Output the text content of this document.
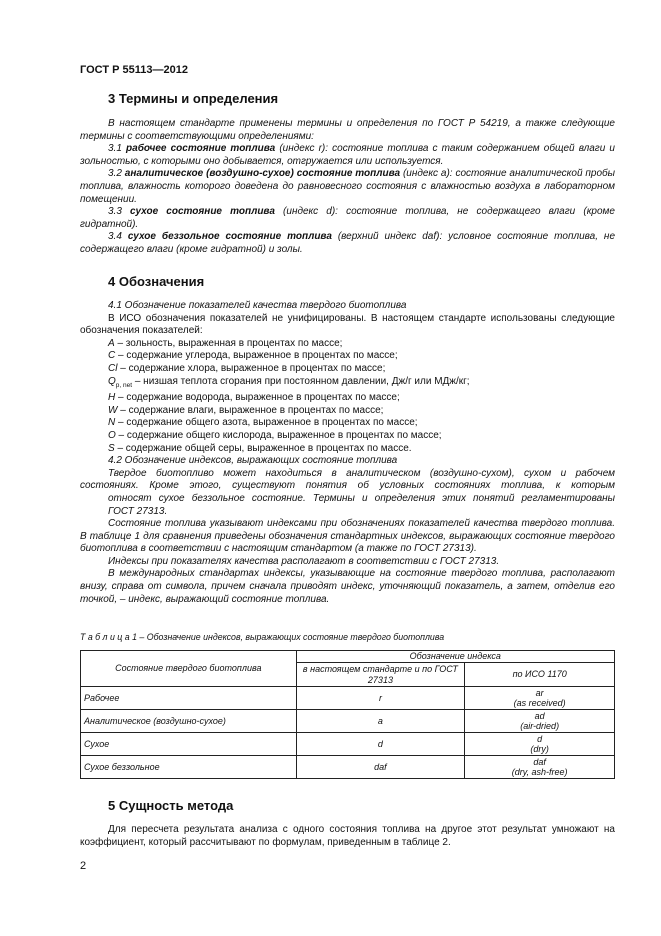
ГОСТ Р 55113—2012
3 Термины и определения

В настоящем стандарте применены термины и определения по ГОСТ Р 54219, а также следующие термины с соответствующими определениями:

3.1 рабочее состояние топлива (индекс r): состояние топлива с таким содержанием общей влаги и зольностью, с которыми оно добывается, отгружается или используется.

3.2 аналитическое (воздушно-сухое) состояние топлива (индекс a): состояние аналитической пробы топлива, влажность которого доведена до равновесного состояния с влажностью воздуха в лабораторном помещении.

3.3 сухое состояние топлива (индекс d): состояние топлива, не содержащего влаги (кроме гидратной).

3.4 сухое беззольное состояние топлива (верхний индекс daf): условное состояние топлива, не содержащего влаги (кроме гидратной) и золы.

4 Обозначения

4.1 Обозначение показателей качества твердого биотоплива

В ИСО обозначения показателей не унифицированы. В настоящем стандарте использованы следующие обозначения показателей:

A – зольность, выраженная в процентах по массе;
C – содержание углерода, выраженное в процентах по массе;
Cl – содержание хлора, выраженное в процентах по массе;
$Q_{p, net}$ – низшая теплота сгорания при постоянном давлении, Дж/г или МДж/кг;
H – содержание водорода, выраженное в процентах по массе;
W – содержание влаги, выраженное в процентах по массе;
N – содержание общего азота, выраженное в процентах по массе;
O – содержание общего кислорода, выраженное в процентах по массе;
S – содержание общей серы, выраженное в процентах по массе.

4.2 Обозначение индексов, выражающих состояние топлива

Твердое биотопливо может находиться в аналитическом (воздушно-сухом), сухом и рабочем
состояниях. Кроме этого, существуют понятия об условных состояниях топлива, к которым
относят сухое беззольное состояние. Термины и определения этих понятий регламентированы
ГОСТ 27313.

Состояние топлива указывают индексами при обозначениях показателей качества твердого топлива. В таблице 1 для сравнения приведены обозначения стандартных индексов, выражающих состояние твердого биотоплива в соответствии с настоящим стандартом (а также по ГОСТ 27313).

Индексы при показателях качества располагают в соответствии с ГОСТ 27313.

В международных стандартах индексы, указывающие на состояние твердого топлива, располагают внизу, справа от символа, причем сначала приводят индекс, уточняющий показатель, а затем, отделив его точкой, – индекс, выражающий состояние топлива.

Т а б л и ц а 1 – Обозначение индексов, выражающих состояние твердого биотоплива
Состояние твердого биотоплива	Обозначение индекса	
	в настоящем стандарте и по ГОСТ 27313	по ИСО 1170
Рабочее	r	ar
(as received)

Аналитическое (воздушно-сухое)	a	ad
(air-dried)

Сухое	d	d
(dry)

Сухое беззольное	daf	daf
(dry, ash-free)
5 Сущность метода

Для пересчета результата анализа с одного состояния топлива на другое этот результат умножают на коэффициент, который рассчитывают по формулам, приведенным в таблице 2.

2
